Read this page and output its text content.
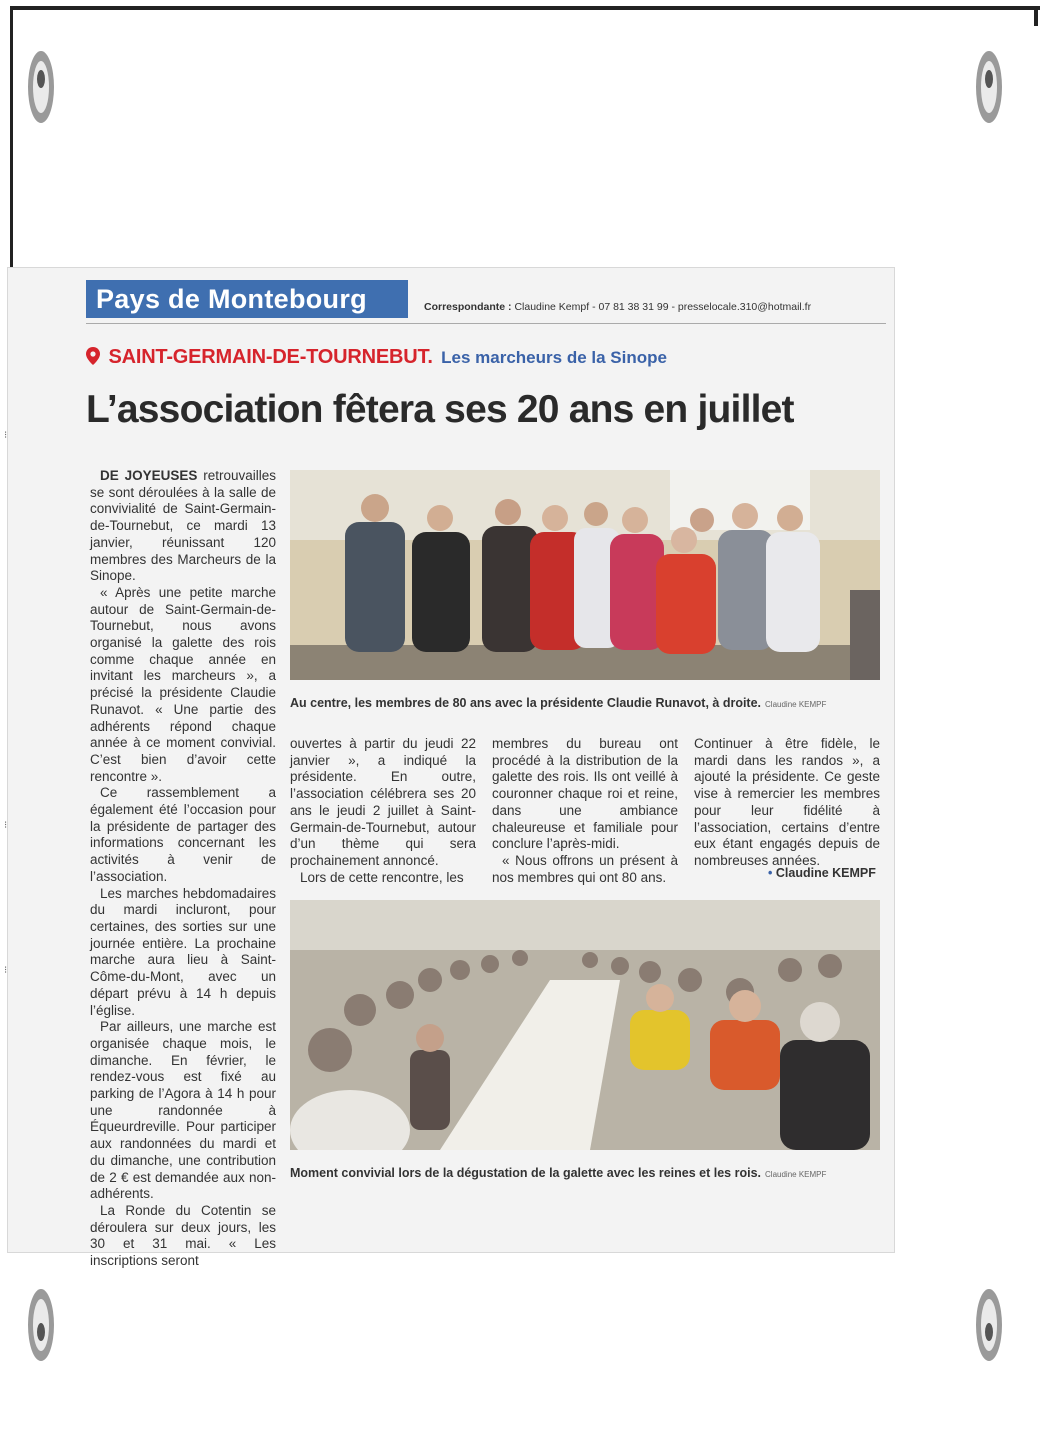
⁝
⁝
⁝
Pays de Montebourg	Correspondante : Claudine Kempf - 07 81 38 31 99 - presselocale.310@hotmail.fr
SAINT-GERMAIN-DE-TOURNEBUT. Les marcheurs de la Sinope
L’association fêtera ses 20 ans en juillet

DE JOYEUSES retrouvailles se sont déroulées à la salle de convivialité de Saint-Germain-de-Tournebut, ce mardi 13 janvier, réunissant 120 membres des Marcheurs de la Sinope.

« Après une petite marche autour de Saint-Germain-de-Tournebut, nous avons organisé la galette des rois comme chaque année en invitant les marcheurs », a précisé la présidente Claudie Runavot. « Une partie des adhérents répond chaque année à ce moment convivial. C’est bien d’avoir cette rencontre ».

Ce rassemblement a également été l’occasion pour la présidente de partager des informations concernant les activités à venir de l’association.

Les marches hebdomadaires du mardi incluront, pour certaines, des sorties sur une journée entière. La prochaine marche aura lieu à Saint-Côme-du-Mont, avec un départ prévu à 14 h depuis l’église.

Par ailleurs, une marche est organisée chaque mois, le dimanche. En février, le rendez-vous est fixé au parking de l’Agora à 14 h pour une randonnée à Équeurdreville. Pour participer aux randonnées du mardi et du dimanche, une contribution de 2 € est demandée aux non-adhérents.

La Ronde du Cotentin se déroulera sur deux jours, les 30 et 31 mai. « Les inscriptions seront

Au centre, les membres de 80 ans avec la présidente Claudie Runavot, à droite. Claudine KEMPF

ouvertes à partir du jeudi 22 janvier », a indiqué la présidente. En outre, l’association célébrera ses 20 ans le jeudi 2 juillet à Saint-Germain-de-Tournebut, autour d’un thème qui sera prochainement annoncé.

Lors de cette rencontre, les

membres du bureau ont procédé à la distribution de la galette des rois. Ils ont veillé à couronner chaque roi et reine, dans une ambiance chaleureuse et familiale pour conclure l’après-midi.

« Nous offrons un présent à nos membres qui ont 80 ans.

Continuer à être fidèle, le mardi dans les randos », a ajouté la présidente. Ce geste vise à remercier les membres pour leur fidélité à l’association, certains d’entre eux étant engagés depuis de nombreuses années.

• Claudine KEMPF
Moment convivial lors de la dégustation de la galette avec les reines et les rois. Claudine KEMPF
